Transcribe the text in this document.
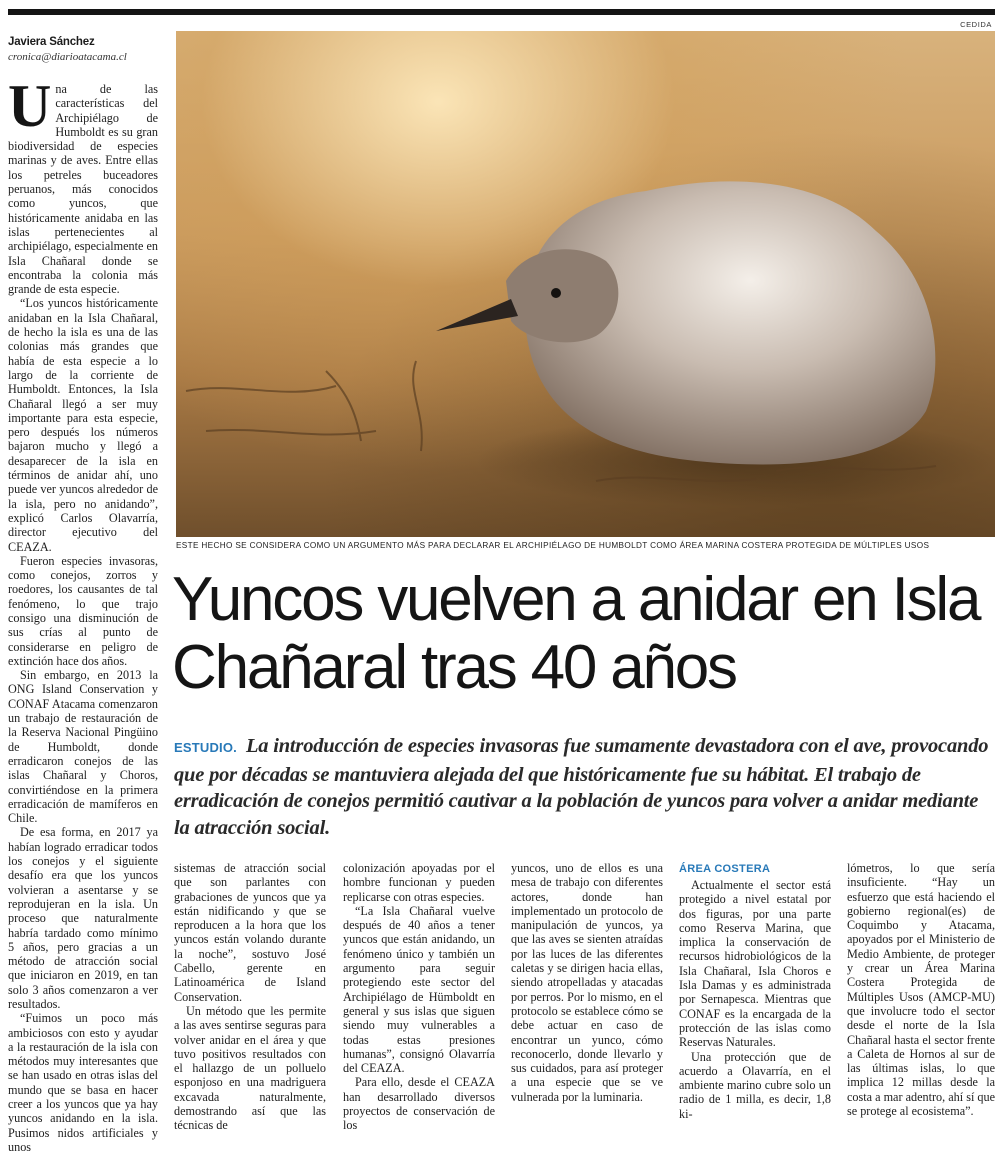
CEDIDA
Javiera Sánchez
cronica@diarioatacama.cl
ESTE HECHO SE CONSIDERA COMO UN ARGUMENTO MÁS PARA DECLARAR EL ARCHIPIÉLAGO DE HUMBOLDT COMO ÁREA MARINA COSTERA PROTEGIDA DE MÚLTIPLES USOS
Yuncos vuelven a anidar en Isla Chañaral tras 40 años
ESTUDIO. La introducción de especies invasoras fue sumamente devastadora con el ave, provocando que por décadas se mantuviera alejada del que históricamente fue su hábitat. El trabajo de erradicación de conejos permitió cautivar a la población de yuncos para volver a anidar mediante la atracción social.

Una de las características del Archipiélago de Humboldt es su gran biodiversidad de especies marinas y de aves. Entre ellas los petreles buceadores peruanos, más conocidos como yuncos, que históricamente anidaba en las islas pertenecientes al archipiélago, especialmente en Isla Chañaral donde se encontraba la colonia más grande de esta especie.

“Los yuncos históricamente anidaban en la Isla Chañaral, de hecho la isla es una de las colonias más grandes que había de esta especie a lo largo de la corriente de Humboldt. Entonces, la Isla Chañaral llegó a ser muy importante para esta especie, pero después los números bajaron mucho y llegó a desaparecer de la isla en términos de anidar ahí, uno puede ver yuncos alrededor de la isla, pero no anidando”, explicó Carlos Olavarría, director ejecutivo del CEAZA.

Fueron especies invasoras, como conejos, zorros y roedores, los causantes de tal fenómeno, lo que trajo consigo una disminución de sus crías al punto de considerarse en peligro de extinción hace dos años.

Sin embargo, en 2013 la ONG Island Conservation y CONAF Atacama comenzaron un trabajo de restauración de la Reserva Nacional Pingüino de Humboldt, donde erradicaron conejos de las islas Chañaral y Choros, convirtiéndose en la primera erradicación de mamíferos en Chile.

De esa forma, en 2017 ya habían logrado erradicar todos los conejos y el siguiente desafío era que los yuncos volvieran a asentarse y se reprodujeran en la isla. Un proceso que naturalmente habría tardado como mínimo 5 años, pero gracias a un método de atracción social que iniciaron en 2019, en tan solo 3 años comenzaron a ver resultados.

“Fuimos un poco más ambiciosos con esto y ayudar a la restauración de la isla con métodos muy interesantes que se han usado en otras islas del mundo que se basa en hacer creer a los yuncos que ya hay yuncos anidando en la isla. Pusimos nidos artificiales y unos

sistemas de atracción social que son parlantes con grabaciones de yuncos que ya están nidificando y que se reproducen a la hora que los yuncos están volando durante la noche”, sostuvo José Cabello, gerente en Latinoamérica de Island Conservation.

Un método que les permite a las aves sentirse seguras para volver anidar en el área y que tuvo positivos resultados con el hallazgo de un polluelo esponjoso en una madriguera excavada naturalmente, demostrando así que las técnicas de

colonización apoyadas por el hombre funcionan y pueden replicarse con otras especies.

“La Isla Chañaral vuelve después de 40 años a tener yuncos que están anidando, un fenómeno único y también un argumento para seguir protegiendo este sector del Archipiélago de Hümboldt en general y sus islas que siguen siendo muy vulnerables a todas estas presiones humanas”, consignó Olavarría del CEAZA.

Para ello, desde el CEAZA han desarrollado diversos proyectos de conservación de los

yuncos, uno de ellos es una mesa de trabajo con diferentes actores, donde han implementado un protocolo de manipulación de yuncos, ya que las aves se sienten atraídas por las luces de las diferentes caletas y se dirigen hacia ellas, siendo atropelladas y atacadas por perros. Por lo mismo, en el protocolo se establece cómo se debe actuar en caso de encontrar un yunco, cómo reconocerlo, donde llevarlo y sus cuidados, para así proteger a una especie que se ve vulnerada por la luminaria.

ÁREA COSTERA

Actualmente el sector está protegido a nivel estatal por dos figuras, por una parte como Reserva Marina, que implica la conservación de recursos hidrobiológicos de la Isla Chañaral, Isla Choros e Isla Damas y es administrada por Sernapesca. Mientras que CONAF es la encargada de la protección de las islas como Reservas Naturales.

Una protección que de acuerdo a Olavarría, en el ambiente marino cubre solo un radio de 1 milla, es decir, 1,8 ki-

lómetros, lo que sería insuficiente. “Hay un esfuerzo que está haciendo el gobierno regional(es) de Coquimbo y Atacama, apoyados por el Ministerio de Medio Ambiente, de proteger y crear un Área Marina Costera Protegida de Múltiples Usos (AMCP-MU) que involucre todo el sector desde el norte de la Isla Chañaral hasta el sector frente a Caleta de Hornos al sur de las últimas islas, lo que implica 12 millas desde la costa a mar adentro, ahí sí que se protege al ecosistema”.
